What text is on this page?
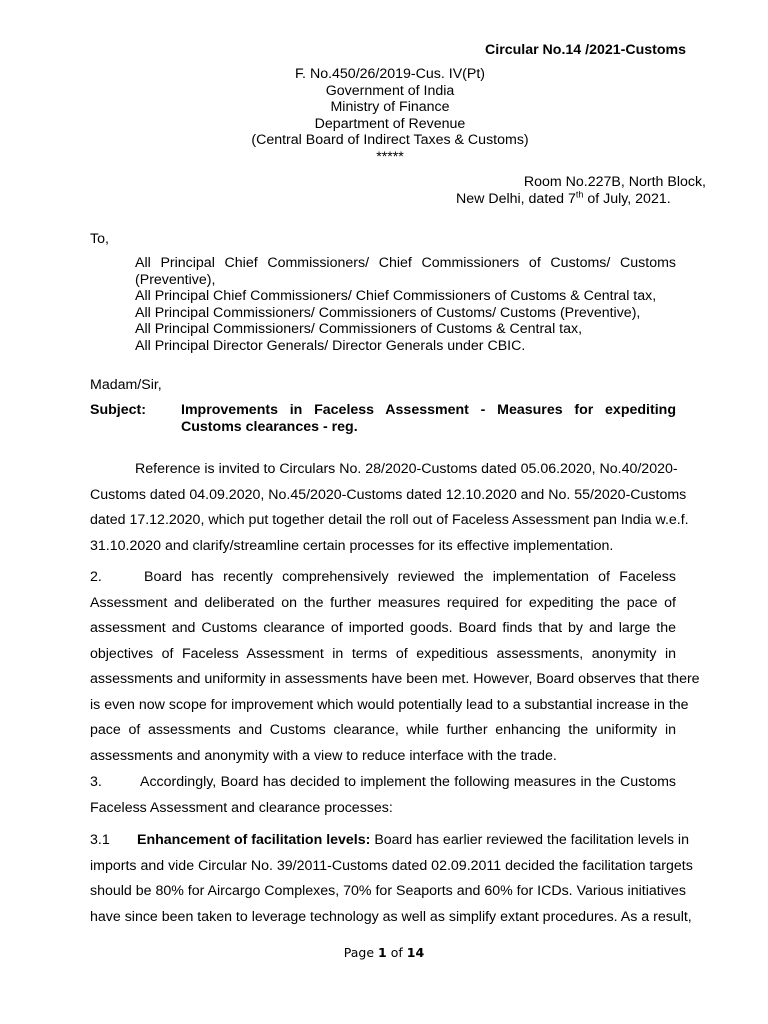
Circular No.14 /2021-Customs
F. No.450/26/2019-Cus. IV(Pt)
Government of India
Ministry of Finance
Department of Revenue
(Central Board of Indirect Taxes & Customs)
*****
Room No.227B, North Block,
New Delhi, dated 7th of July, 2021.
To,
All Principal Chief Commissioners/ Chief Commissioners of Customs/ Customs
(Preventive),
All Principal Chief Commissioners/ Chief Commissioners of Customs & Central tax,
All Principal Commissioners/ Commissioners of Customs/ Customs (Preventive),
All Principal Commissioners/ Commissioners of Customs & Central tax,
All Principal Director Generals/ Director Generals under CBIC.
Madam/Sir,
Subject: Improvements in Faceless Assessment - Measures for expediting
Customs clearances - reg.
Reference is invited to Circulars No. 28/2020-Customs dated 05.06.2020, No.40/2020-
Customs dated 04.09.2020, No.45/2020-Customs dated 12.10.2020 and No. 55/2020-Customs
dated 17.12.2020, which put together detail the roll out of Faceless Assessment pan India w.e.f.
31.10.2020 and clarify/streamline certain processes for its effective implementation.
2.	Board has recently comprehensively reviewed the implementation of Faceless
Assessment and deliberated on the further measures required for expediting the pace of
assessment and Customs clearance of imported goods. Board finds that by and large the
objectives of Faceless Assessment in terms of expeditious assessments, anonymity in
assessments and uniformity in assessments have been met. However, Board observes that there
is even now scope for improvement which would potentially lead to a substantial increase in the
pace of assessments and Customs clearance, while further enhancing the uniformity in
assessments and anonymity with a view to reduce interface with the trade.
3.	Accordingly, Board has decided to implement the following measures in the Customs
Faceless Assessment and clearance processes:
3.1	Enhancement of facilitation levels: Board has earlier reviewed the facilitation levels in
imports and vide Circular No. 39/2011-Customs dated 02.09.2011 decided the facilitation targets
should be 80% for Aircargo Complexes, 70% for Seaports and 60% for ICDs. Various initiatives
have since been taken to leverage technology as well as simplify extant procedures. As a result,
Page 1 of 14
